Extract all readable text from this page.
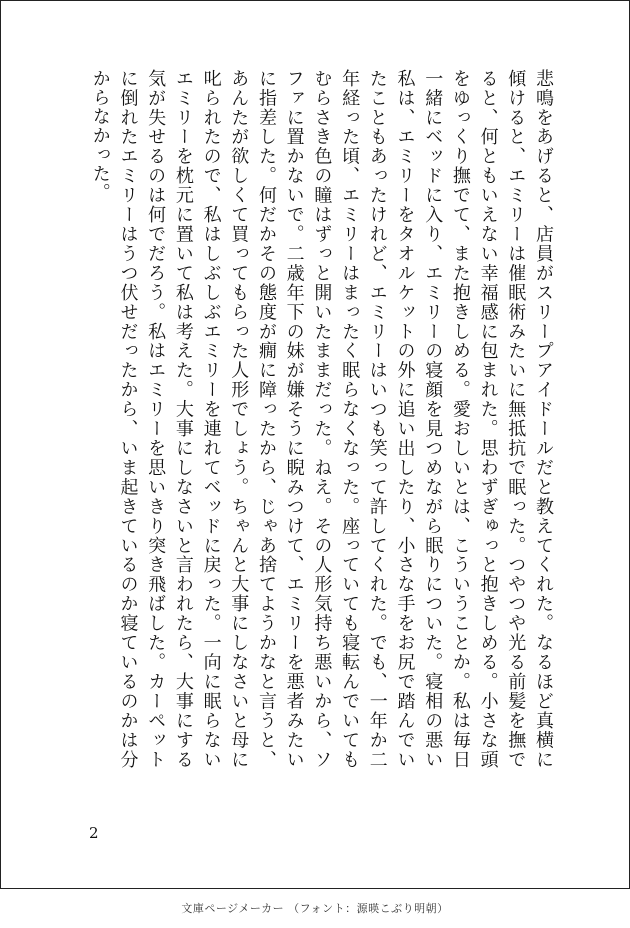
悲鳴をあげると、店員がスリープアイドールだと教えてくれた。なるほど真横に傾けると、エミリーは催眠術みたいに無抵抗で眠った。つやつや光る前髪を撫でると、何ともいえない幸福感に包まれた。思わずぎゅっと抱きしめる。小さな頭をゆっくり撫でて、また抱きしめる。愛おしいとは、こういうことか。私は毎日一緒にベッドに入り、エミリーの寝顔を見つめながら眠りについた。寝相の悪い私は、エミリーをタオルケットの外に追い出したり、小さな手をお尻で踏んでいたこともあったけれど、エミリーはいつも笑って許してくれた。でも、一年か二年経った頃、エミリーはまったく眠らなくなった。座っていても寝転んでいてもむらさき色の瞳はずっと開いたままだった。ねえ。その人形気持ち悪いから、ソファに置かないで。二歳年下の妹が嫌そうに睨みつけて、エミリーを悪者みたいに指差した。何だかその態度が癇に障ったから、じゃあ捨てようかなと言うと、あんたが欲しくて買ってもらった人形でしょう。ちゃんと大事にしなさいと母に叱られたので、私はしぶしぶエミリーを連れてベッドに戻った。一向に眠らないエミリーを枕元に置いて私は考えた。大事にしなさいと言われたら、大事にする気が失せるのは何でだろう。私はエミリーを思いきり突き飛ばした。カーペットに倒れたエミリーはうつ伏せだったから、いま起きているのか寝ているのかは分からなかった。

2
文庫ページメーカー （フォント：源暎こぶり明朝）
